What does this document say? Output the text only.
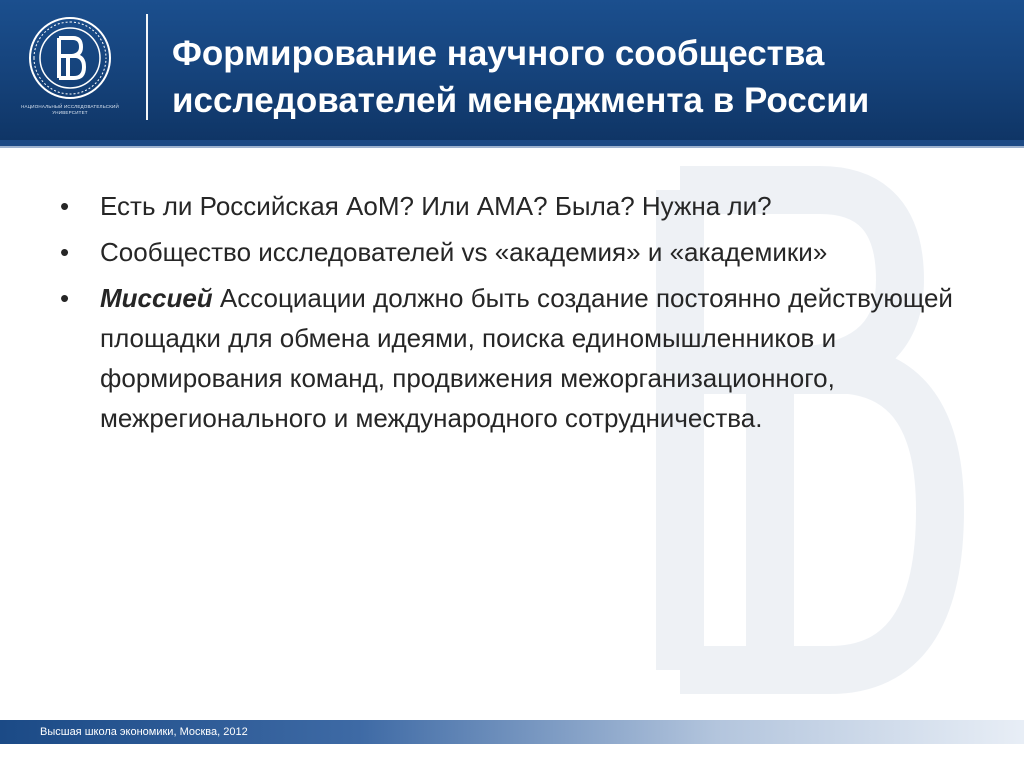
НАЦИОНАЛЬНЫЙ ИССЛЕДОВАТЕЛЬСКИЙ
УНИВЕРСИТЕТ
Формирование научного сообщества
исследователей менеджмента в России
•	Есть ли Российская АоМ? Или АМА? Была? Нужна ли?
•	Сообщество исследователей vs «академия» и «академики»
•	Миссией Ассоциации должно быть создание постоянно действующей площадки для обмена идеями, поиска единомышленников и формирования команд, продвижения межорганизационного, межрегионального и международного сотрудничества.
Высшая школа экономики, Москва, 2012
